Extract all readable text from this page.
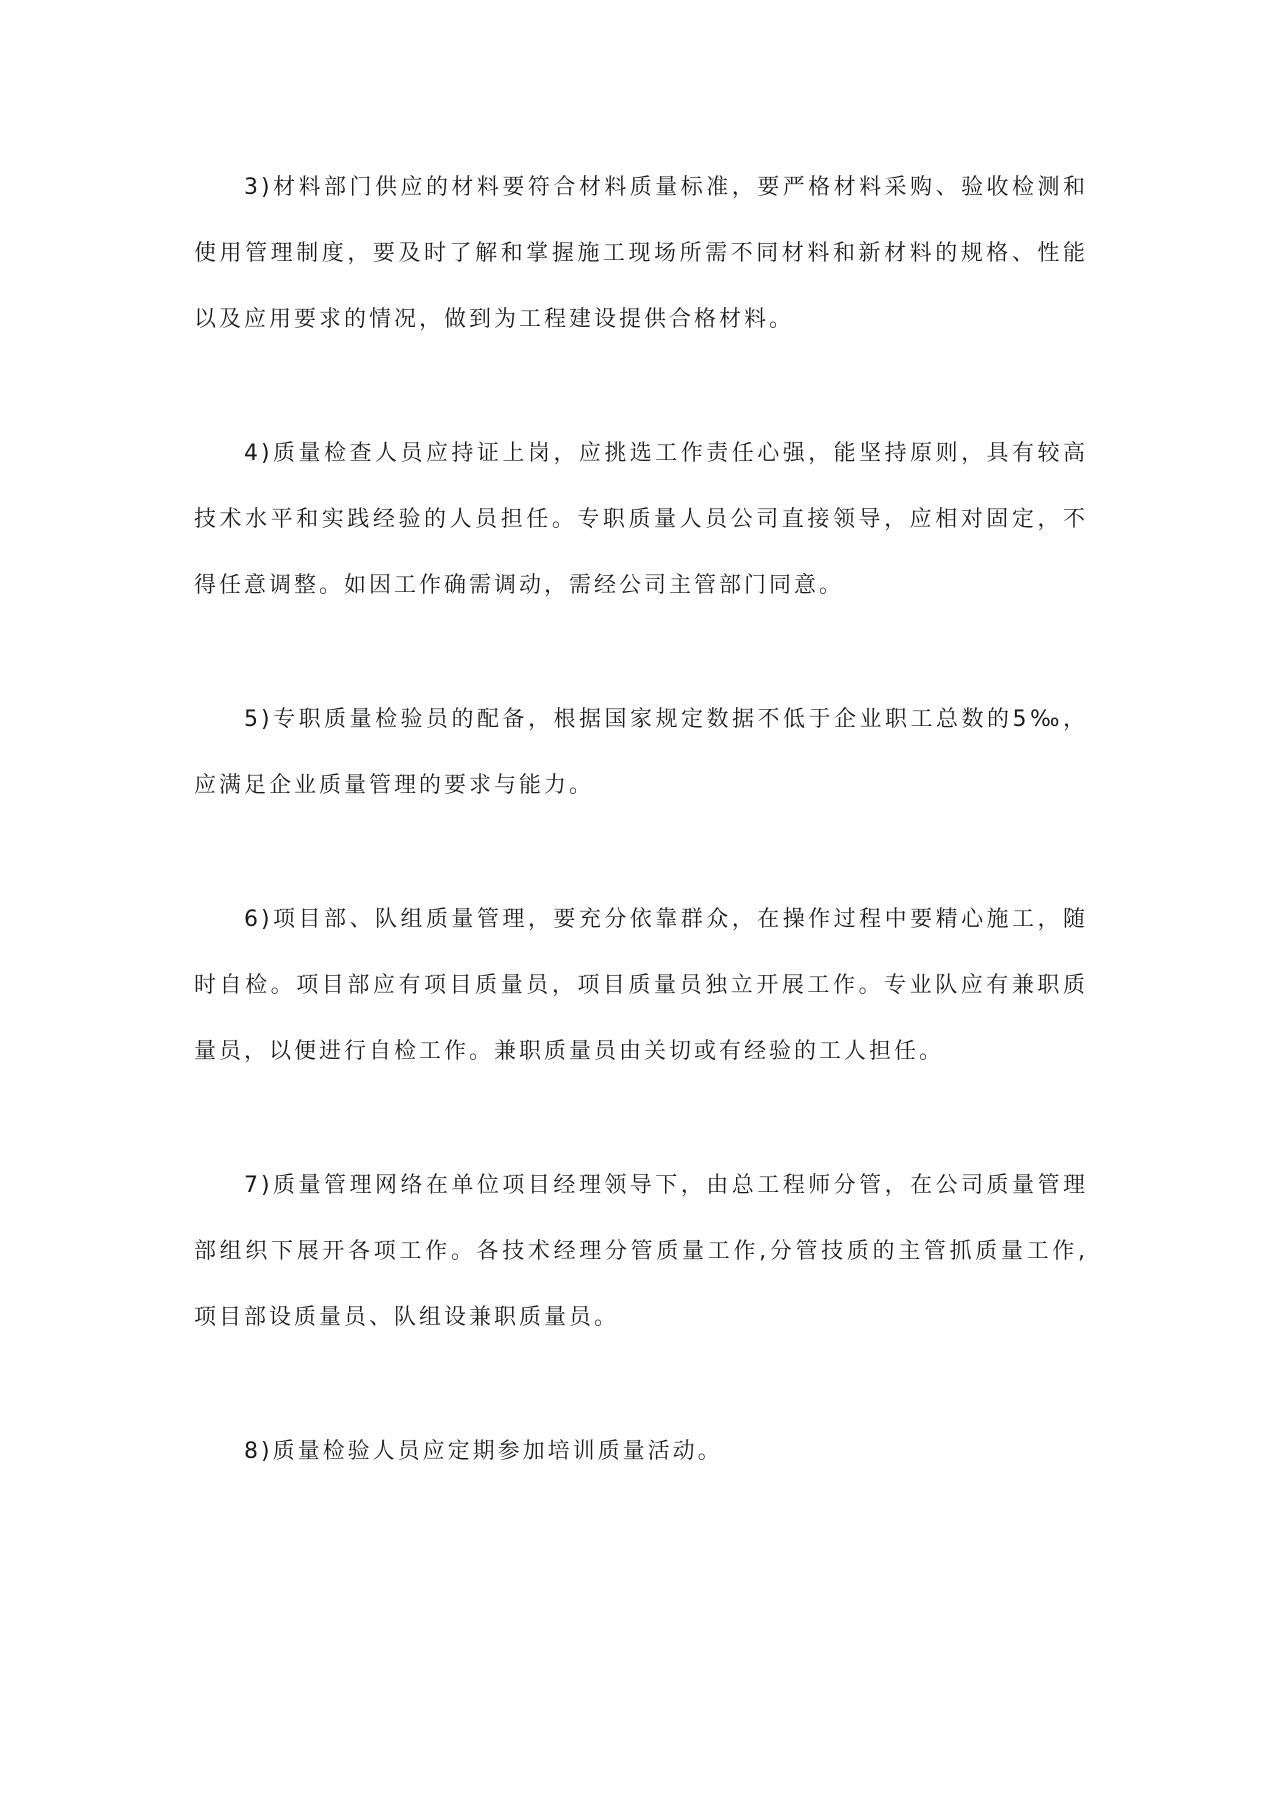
3)材料部门供应的材料要符合材料质量标准，要严格材料采购、验收检测和使用管理制度，要及时了解和掌握施工现场所需不同材料和新材料的规格、性能以及应用要求的情况，做到为工程建设提供合格材料。

4)质量检查人员应持证上岗，应挑选工作责任心强，能坚持原则，具有较高技术水平和实践经验的人员担任。专职质量人员公司直接领导，应相对固定，不得任意调整。如因工作确需调动，需经公司主管部门同意。

5)专职质量检验员的配备，根据国家规定数据不低于企业职工总数的5‰，应满足企业质量管理的要求与能力。

6)项目部、队组质量管理，要充分依靠群众，在操作过程中要精心施工，随时自检。项目部应有项目质量员，项目质量员独立开展工作。专业队应有兼职质量员，以便进行自检工作。兼职质量员由关切或有经验的工人担任。

7)质量管理网络在单位项目经理领导下，由总工程师分管，在公司质量管理部组织下展开各项工作。各技术经理分管质量工作,分管技质的主管抓质量工作,项目部设质量员、队组设兼职质量员。

8)质量检验人员应定期参加培训质量活动。
